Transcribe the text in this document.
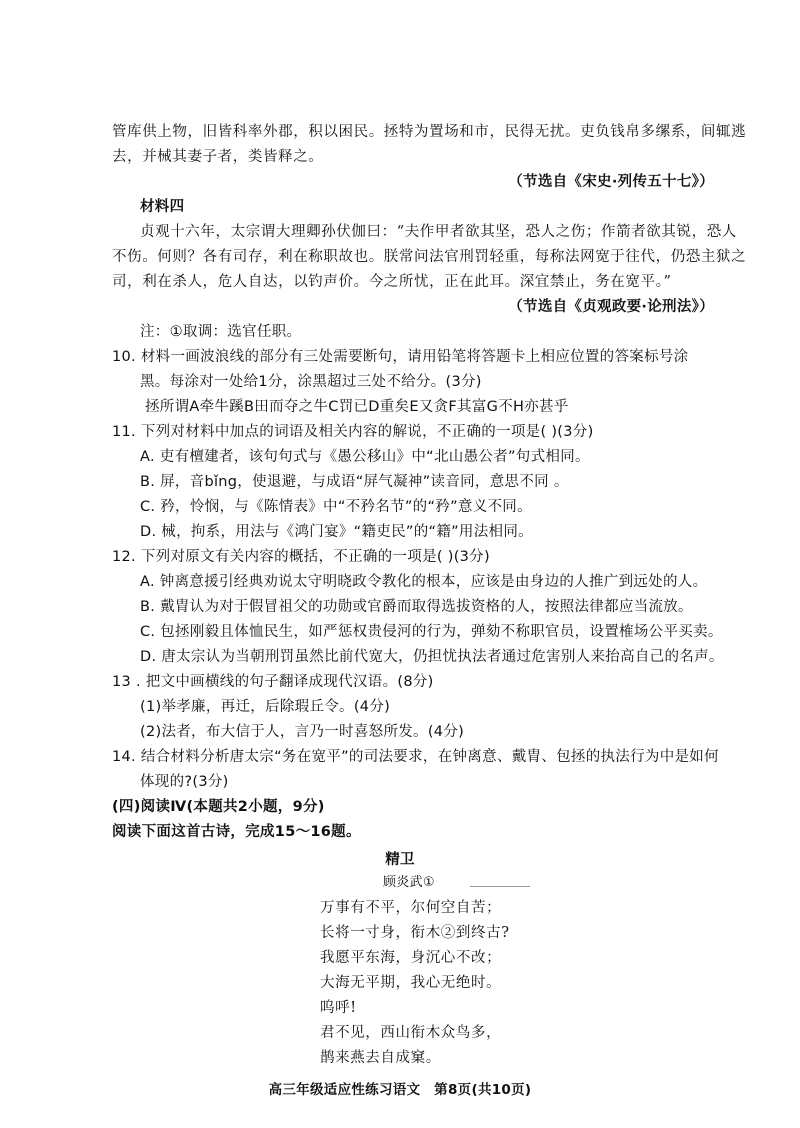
管库供上物，旧皆科率外郡，积以困民。拯特为置场和市，民得无扰。吏负钱帛多缧系，间辄逃
去，并械其妻子者，类皆释之。
（节选自《宋史·列传五十七》）
材料四
贞观十六年，太宗谓大理卿孙伏伽曰：“夫作甲者欲其坚，恐人之伤；作箭者欲其锐，恐人
不伤。何则？各有司存，利在称职故也。朕常问法官刑罚轻重，每称法网宽于往代，仍恐主狱之
司，利在杀人，危人自达，以钓声价。今之所忧，正在此耳。深宜禁止，务在宽平。”
（节选自《贞观政要·论刑法》）
注：①取调：选官任职。
10. 材料一画波浪线的部分有三处需要断句，请用铅笔将答题卡上相应位置的答案标号涂
黑。每涂对一处给1分，涂黑超过三处不给分。(3分)
拯所谓A牵牛蹊B田而夺之牛C罚已D重矣E又贪F其富G不H亦甚乎
11. 下列对材料中加点的词语及相关内容的解说，不正确的一项是( )(3分)
A. 吏有檀建者，该句句式与《愚公移山》中“北山愚公者”句式相同。
B. 屏，音bǐng，使退避，与成语“屏气凝神”读音同，意思不同 。
C. 矜，怜悯，与《陈情表》中“不矜名节”的“矜”意义不同。
D. 械，拘系，用法与《鸿门宴》“籍吏民”的“籍”用法相同。
12. 下列对原文有关内容的概括，不正确的一项是( )(3分)
A. 钟离意援引经典劝说太守明晓政令教化的根本，应该是由身边的人推广到远处的人。
B. 戴胄认为对于假冒祖父的功勋或官爵而取得选拔资格的人，按照法律都应当流放。
C. 包拯刚毅且体恤民生，如严惩权贵侵河的行为，弹劾不称职官员，设置榷场公平买卖。
D. 唐太宗认为当朝刑罚虽然比前代宽大，仍担忧执法者通过危害别人来抬高自己的名声。
13 . 把文中画横线的句子翻译成现代汉语。(8分)
(1)举孝廉，再迁，后除瑕丘令。(4分)
(2)法者，布大信于人，言乃一时喜怒所发。(4分)
14. 结合材料分析唐太宗“务在宽平”的司法要求，在钟离意、戴胄、包拯的执法行为中是如何
体现的?(3分)
(四)阅读Ⅳ(本题共2小题，9分)
阅读下面这首古诗，完成15～16题。
精卫
顾炎武①
万事有不平，尔何空自苦；
长将一寸身，衔木②到终古?
我愿平东海，身沉心不改；
大海无平期，我心无绝时。
呜呼!
君不见，西山衔木众鸟多，
鹊来燕去自成窠。
高三年级适应性练习语文　第8页(共10页)
